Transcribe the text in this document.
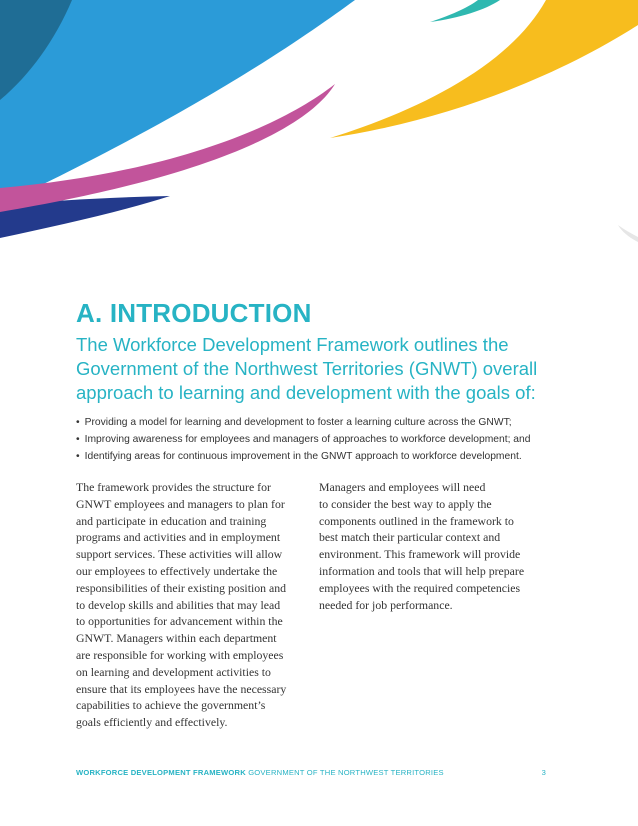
A. INTRODUCTION

The Workforce Development Framework outlines the Government of the Northwest Territories (GNWT) overall approach to learning and development with the goals of:

• Providing a model for learning and development to foster a learning culture across the GNWT;
• Improving awareness for employees and managers of approaches to workforce development; and
• Identifying areas for continuous improvement in the GNWT approach to workforce development.

The framework provides the structure for
GNWT employees and managers to plan for
and participate in education and training
programs and activities and in employment
support services. These activities will allow
our employees to effectively undertake the
responsibilities of their existing position and
to develop skills and abilities that may lead
to opportunities for advancement within the
GNWT. Managers within each department
are responsible for working with employees
on learning and development activities to
ensure that its employees have the necessary
capabilities to achieve the government’s
goals efficiently and effectively.

Managers and employees will need
to consider the best way to apply the
components outlined in the framework to
best match their particular context and
environment. This framework will provide
information and tools that will help prepare
employees with the required competencies
needed for job performance.

WORKFORCE DEVELOPMENT FRAMEWORK GOVERNMENT OF THE NORTHWEST TERRITORIES	3
